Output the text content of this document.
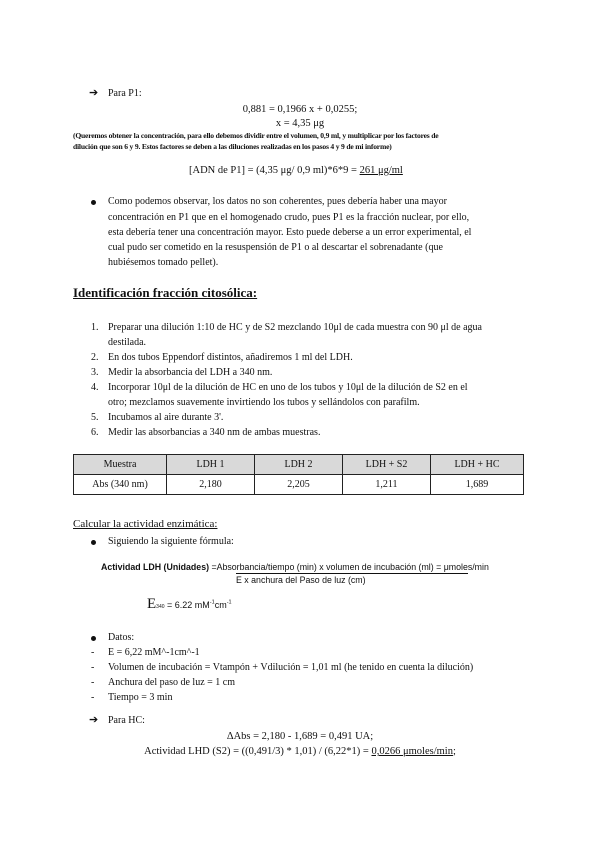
➔ Para P1:
0,881 = 0,1966 x + 0,0255;
x = 4,35 μg
(Queremos obtener la concentración, para ello debemos dividir entre el volumen, 0,9 ml, y multiplicar por los factores de
dilución que son 6 y 9. Estos factores se deben a las diluciones realizadas en los pasos 4 y 9 de mi informe)
[ADN de P1] = (4,35 μg/ 0,9 ml)*6*9 = 261 μg/ml
Como podemos observar, los datos no son coherentes, pues debería haber una mayor
concentración en P1 que en el homogenado crudo, pues P1 es la fracción nuclear, por ello,
esta debería tener una concentración mayor. Esto puede deberse a un error experimental, el
cual pudo ser cometido en la resuspensión de P1 o al descartar el sobrenadante (que
hubiésemos tomado pellet).
Identificación fracción citosólica:
1. Preparar una dilución 1:10 de HC y de S2 mezclando 10μl de cada muestra con 90 μl de agua
destilada.
2. En dos tubos Eppendorf distintos, añadiremos 1 ml del LDH.
3. Medir la absorbancia del LDH a 340 nm.
4. Incorporar 10μl de la dilución de HC en uno de los tubos y 10μl de la dilución de S2 en el
otro; mezclamos suavemente invirtiendo los tubos y sellándolos con parafilm.
5. Incubamos al aire durante 3'.
6. Medir las absorbancias a 340 nm de ambas muestras.
Muestra	LDH 1	LDH 2	LDH + S2	LDH + HC
Abs (340 nm)	2,180	2,205	1,211	1,689
Calcular la actividad enzimática:
Siguiendo la siguiente fórmula:
Actividad LDH (Unidades) =Absorbancia/tiempo (min) x volumen de incubación (ml) = μmoles/min
E x anchura del Paso de luz (cm)
E340 = 6.22 $mM^{-1}cm^{-1}$
Datos:
- E = 6,22 mM^-1cm^-1
- Volumen de incubación = Vtampón + Vdilución = 1,01 ml (he tenido en cuenta la dilución)
- Anchura del paso de luz = 1 cm
- Tiempo = 3 min
➔ Para HC:
ΔAbs = 2,180 - 1,689 = 0,491 UA;
Actividad LHD (S2) = ((0,491/3) * 1,01) / (6,22*1) = 0,0266 μmoles/min;
